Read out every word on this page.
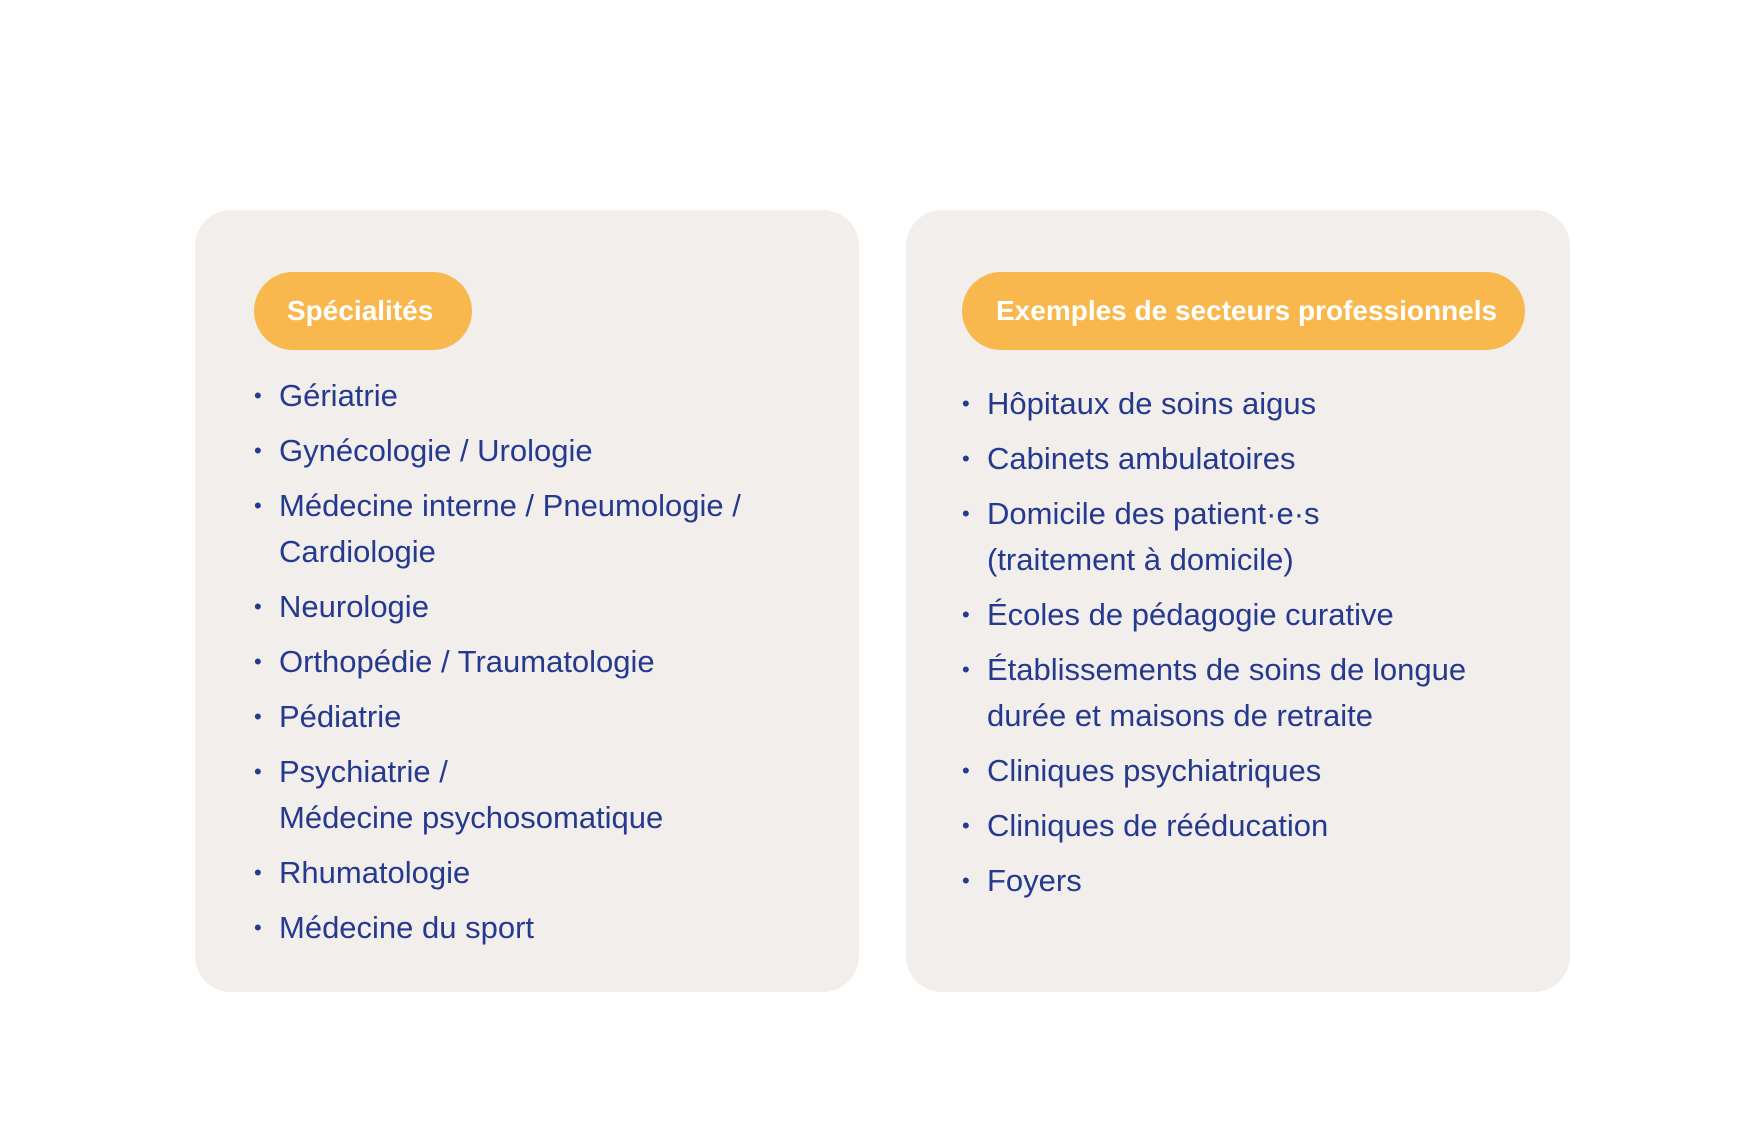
Spécialités
• Gériatrie
• Gynécologie / Urologie
• Médecine interne / Pneumologie /
Cardiologie
• Neurologie
• Orthopédie / Traumatologie
• Pédiatrie
• Psychiatrie /
Médecine psychosomatique
• Rhumatologie
• Médecine du sport
Exemples de secteurs professionnels
• Hôpitaux de soins aigus
• Cabinets ambulatoires
• Domicile des patient·e·s
(traitement à domicile)
• Écoles de pédagogie curative
• Établissements de soins de longue
durée et maisons de retraite
• Cliniques psychiatriques
• Cliniques de rééducation
• Foyers
